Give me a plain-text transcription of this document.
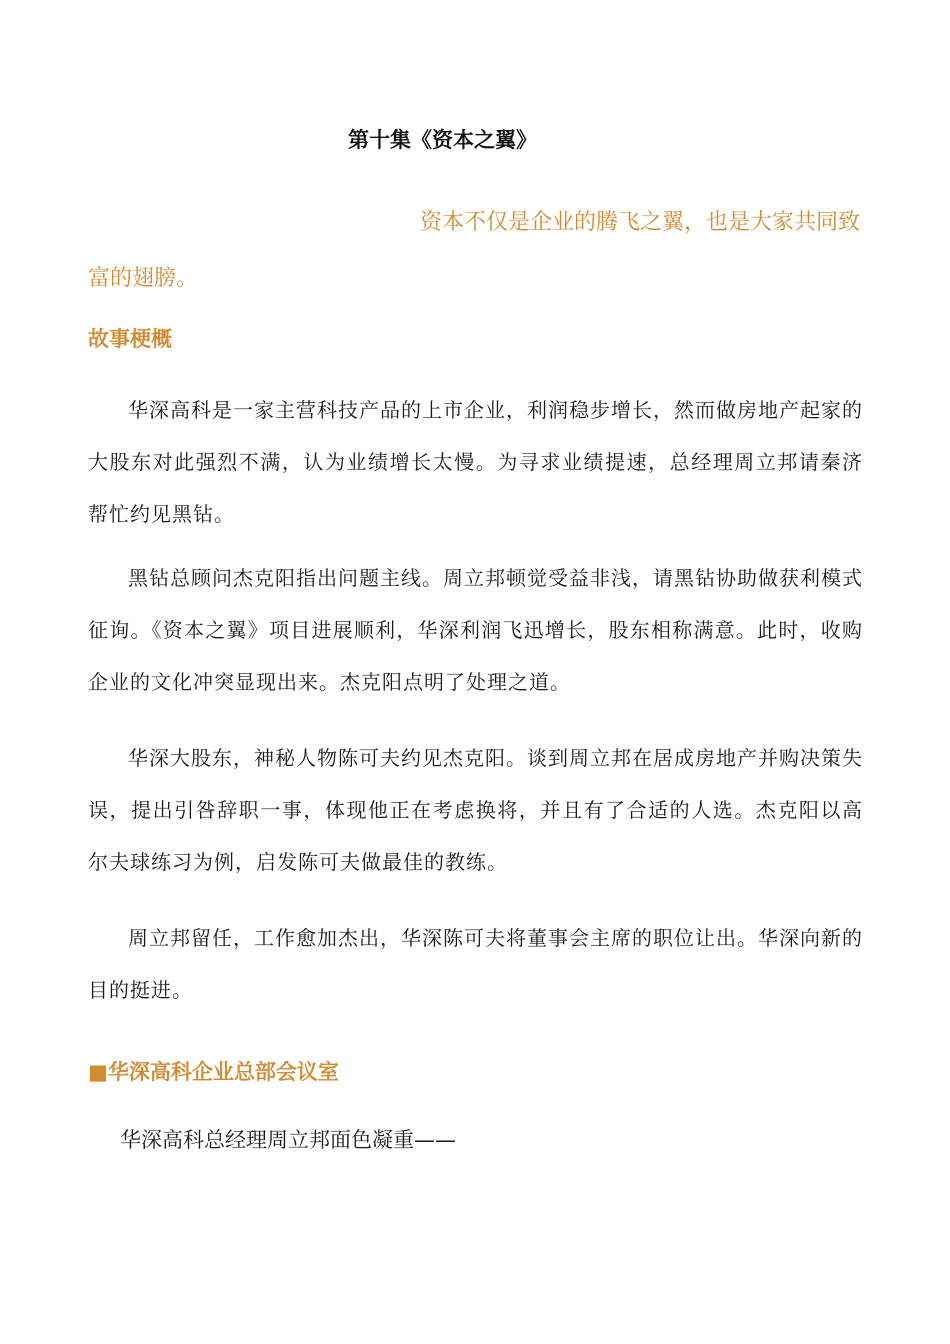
第十集《资本之翼》

资本不仅是企业的腾飞之翼，也是大家共同致富的翅膀。

故事梗概

华深高科是一家主营科技产品的上市企业，利润稳步增长，然而做房地产起家的大股东对此强烈不满，认为业绩增长太慢。为寻求业绩提速，总经理周立邦请秦济帮忙约见黑钻。

黑钻总顾问杰克阳指出问题主线。周立邦顿觉受益非浅，请黑钻协助做获利模式征询。《资本之翼》项目进展顺利，华深利润飞迅增长，股东相称满意。此时，收购企业的文化冲突显现出来。杰克阳点明了处理之道。

华深大股东，神秘人物陈可夫约见杰克阳。谈到周立邦在居成房地产并购决策失误，提出引咎辞职一事，体现他正在考虑换将，并且有了合适的人选。杰克阳以高尔夫球练习为例，启发陈可夫做最佳的教练。

周立邦留任，工作愈加杰出，华深陈可夫将董事会主席的职位让出。华深向新的目的挺进。

■华深高科企业总部会议室

华深高科总经理周立邦面色凝重——
